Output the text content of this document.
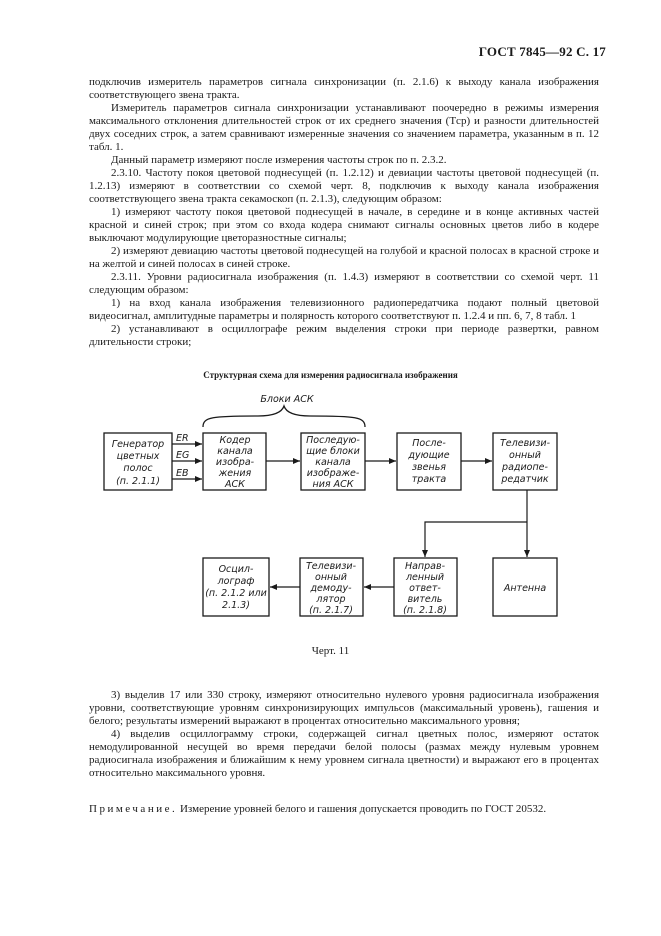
ГОСТ 7845—92 С. 17

подключив измеритель параметров сигнала синхронизации (п. 2.1.6) к выходу канала изображения соответствующего звена тракта.

Измеритель параметров сигнала синхронизации устанавливают поочередно в режимы измерения максимального отклонения длительностей строк от их среднего значения (Tср) и разности длительностей двух соседних строк, а затем сравнивают измеренные значения со значением параметра, указанным в п. 12 табл. 1.

Данный параметр измеряют после измерения частоты строк по п. 2.3.2.

2.3.10. Частоту покоя цветовой поднесущей (п. 1.2.12) и девиации частоты цветовой поднесущей (п. 1.2.13) измеряют в соответствии со схемой черт. 8, подключив к выходу канала изображения соответствующего звена тракта секамоскоп (п. 2.1.3), следующим образом:

1) измеряют частоту покоя цветовой поднесущей в начале, в середине и в конце активных частей красной и синей строк; при этом со входа кодера снимают сигналы основных цветов либо в кодере выключают модулирующие цветоразностные сигналы;

2) измеряют девиацию частоты цветовой поднесущей на голубой и красной полосах в красной строке и на желтой и синей полосах в синей строке.

2.3.11. Уровни радиосигнала изображения (п. 1.4.3) измеряют в соответствии со схемой черт. 11 следующим образом:

1) на вход канала изображения телевизионного радиопередатчика подают полный цветовой видеосигнал, амплитудные параметры и полярность которого соответствуют п. 1.2.4 и пп. 6, 7, 8 табл. 1

2) устанавливают в осциллографе режим выделения строки при периоде развертки, равном длительности строки;

Структурная схема для измерения радиосигнала изображения
Блоки АСК
ER
EG
EB
Генератор
цветных
полос
(п. 2.1.1)
Кодер
канала
изобра-
жения
АСК
Последую-
щие блоки
канала
изображе-
ния АСК
После-
дующие
звенья
тракта
Телевизи-
онный
радиопе-
редатчик
Антенна
Направ-
ленный
ответ-
витель
(п. 2.1.8)
Телевизи-
онный
демоду-
лятор
(п. 2.1.7)
Осцил-
лограф
(п. 2.1.2 или
2.1.3)
Черт. 11

3) выделив 17 или 330 строку, измеряют относительно нулевого уровня радиосигнала изображения уровни, соответствующие уровням синхронизирующих импульсов (максимальный уровень), гашения и белого; результаты измерений выражают в процентах относительно максимального уровня;

4) выделив осциллограмму строки, содержащей сигнал цветных полос, измеряют остаток немодулированной несущей во время передачи белой полосы (размах между нулевым уровнем радиосигнала изображения и ближайшим к нему уровнем сигнала цветности) и выражают его в процентах относительно максимального уровня.

Примечание. Измерение уровней белого и гашения допускается проводить по ГОСТ 20532.
